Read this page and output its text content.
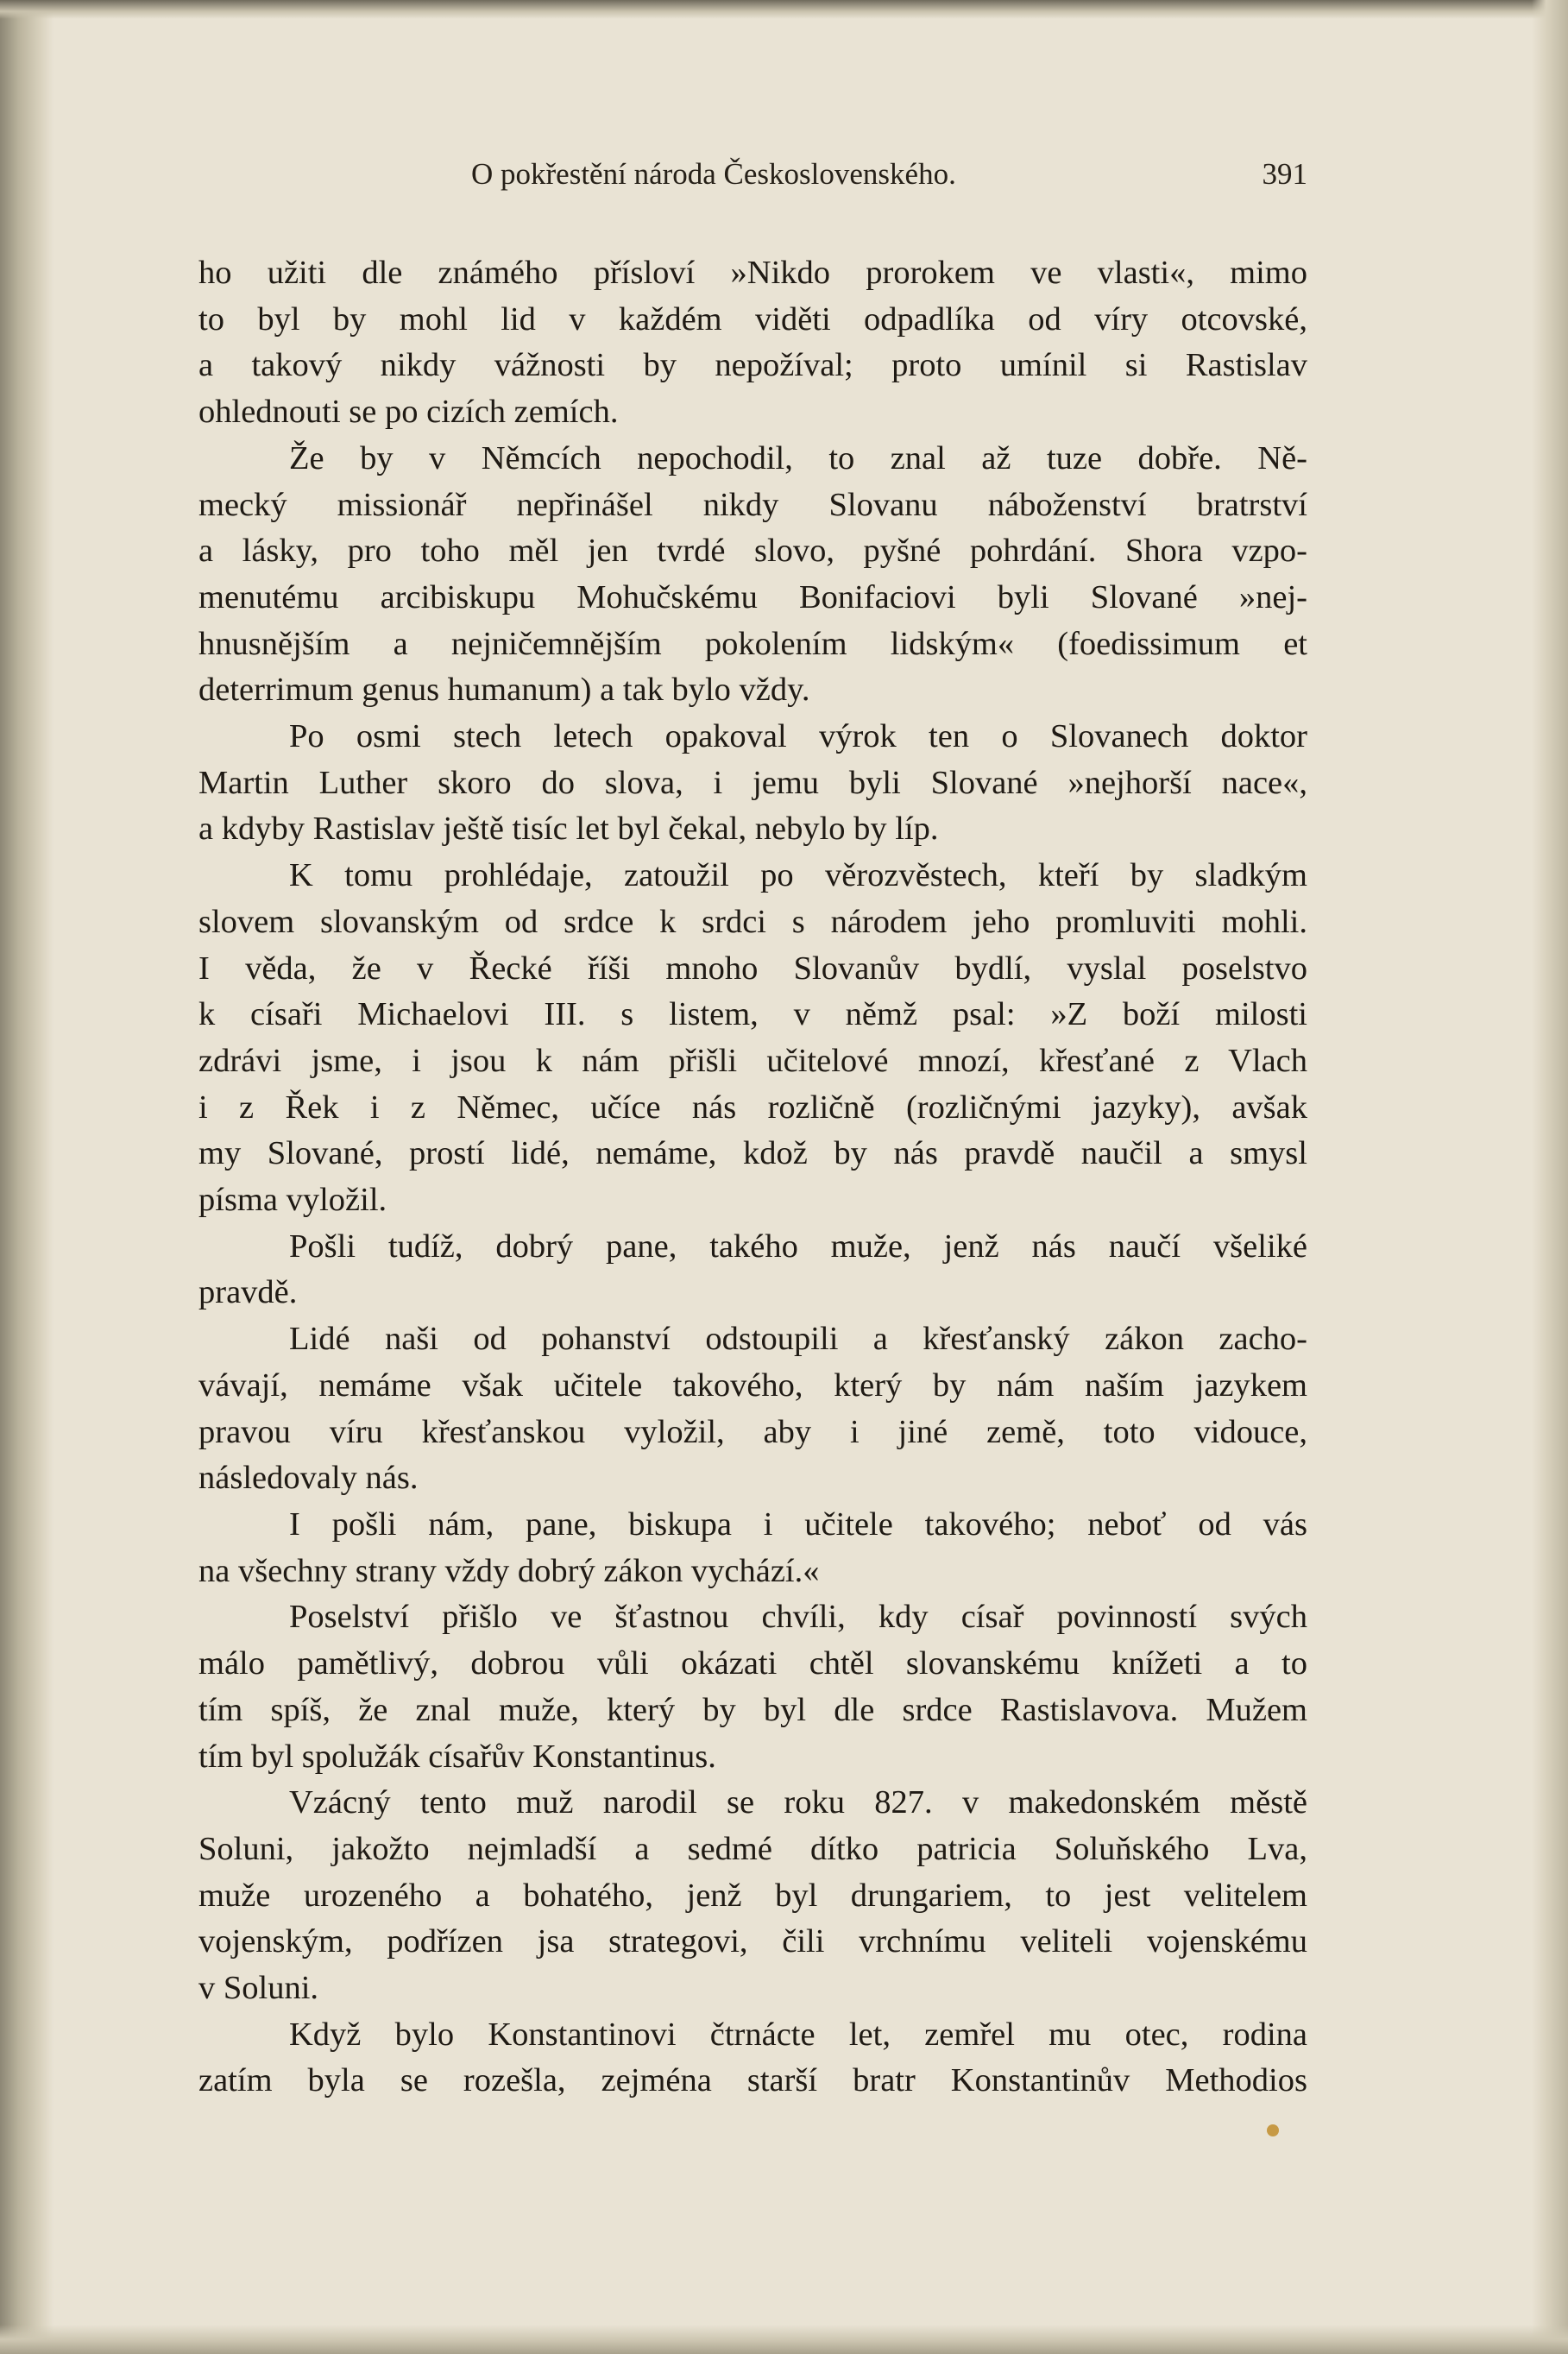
O pokřestění národa Československého.	391

ho užiti dle známého přísloví »Nikdo prorokem ve vlasti«, mimo

to byl by mohl lid v každém viděti odpadlíka od víry otcovské,

a takový nikdy vážnosti by nepožíval; proto umínil si Rastislav

ohlednouti se po cizích zemích.

Že by v Němcích nepochodil, to znal až tuze dobře. Ně-

mecký missionář nepřinášel nikdy Slovanu náboženství bratrství

a lásky, pro toho měl jen tvrdé slovo, pyšné pohrdání. Shora vzpo-

menutému arcibiskupu Mohučskému Bonifaciovi byli Slované »nej-

hnusnějším a nejničemnějším pokolením lidským« (foedissimum et

deterrimum genus humanum) a tak bylo vždy.

Po osmi stech letech opakoval výrok ten o Slovanech doktor

Martin Luther skoro do slova, i jemu byli Slované »nejhorší nace«,

a kdyby Rastislav ještě tisíc let byl čekal, nebylo by líp.

K tomu prohlédaje, zatoužil po věrozvěstech, kteří by sladkým

slovem slovanským od srdce k srdci s národem jeho promluviti mohli.

I věda, že v Řecké říši mnoho Slovanův bydlí, vyslal poselstvo

k císaři Michaelovi III. s listem, v němž psal: »Z boží milosti

zdrávi jsme, i jsou k nám přišli učitelové mnozí, křesťané z Vlach

i z Řek i z Němec, učíce nás rozličně (rozličnými jazyky), avšak

my Slované, prostí lidé, nemáme, kdož by nás pravdě naučil a smysl

písma vyložil.

Pošli tudíž, dobrý pane, takého muže, jenž nás naučí všeliké

pravdě.

Lidé naši od pohanství odstoupili a křesťanský zákon zacho-

vávají, nemáme však učitele takového, který by nám naším jazykem

pravou víru křesťanskou vyložil, aby i jiné země, toto vidouce,

následovaly nás.

I pošli nám, pane, biskupa i učitele takového; neboť od vás

na všechny strany vždy dobrý zákon vychází.«

Poselství přišlo ve šťastnou chvíli, kdy císař povinností svých

málo pamětlivý, dobrou vůli okázati chtěl slovanskému knížeti a to

tím spíš, že znal muže, který by byl dle srdce Rastislavova. Mužem

tím byl spolužák císařův Konstantinus.

Vzácný tento muž narodil se roku 827. v makedonském městě

Soluni, jakožto nejmladší a sedmé dítko patricia Soluňského Lva,

muže urozeného a bohatého, jenž byl drungariem, to jest velitelem

vojenským, podřízen jsa strategovi, čili vrchnímu veliteli vojenskému

v Soluni.

Když bylo Konstantinovi čtrnácte let, zemřel mu otec, rodina

zatím byla se rozešla, zejména starší bratr Konstantinův Methodios
